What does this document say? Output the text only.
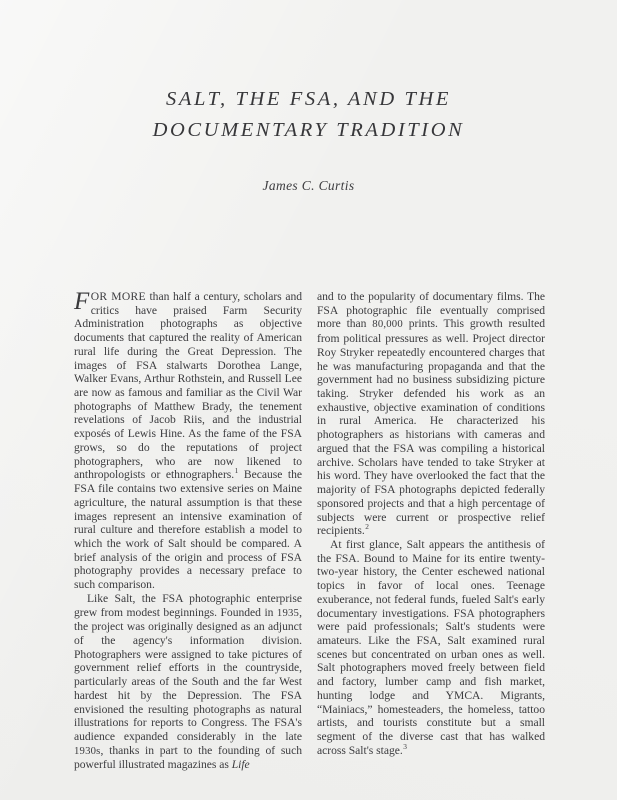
SALT, THE FSA, AND THE
DOCUMENTARY TRADITION
James C. Curtis

FOR MORE than half a century, scholars and critics have praised Farm Security Administration photographs as objective documents that captured the reality of American rural life during the Great Depression. The images of FSA stalwarts Dorothea Lange, Walker Evans, Arthur Rothstein, and Russell Lee are now as famous and familiar as the Civil War photographs of Matthew Brady, the tenement revelations of Jacob Riis, and the industrial exposés of Lewis Hine. As the fame of the FSA grows, so do the reputations of project photographers, who are now likened to anthropologists or ethnographers.$^1$ Because the FSA file contains two extensive series on Maine agriculture, the natural assumption is that these images represent an intensive examination of rural culture and therefore establish a model to which the work of Salt should be compared. A brief analysis of the origin and process of FSA photography provides a necessary preface to such comparison.

Like Salt, the FSA photographic enterprise grew from modest beginnings. Founded in 1935, the project was originally designed as an adjunct of the agency's information division. Photographers were assigned to take pictures of government relief efforts in the countryside, particularly areas of the South and the far West hardest hit by the Depression. The FSA envisioned the resulting photographs as natural illustrations for reports to Congress. The FSA's audience expanded considerably in the late 1930s, thanks in part to the founding of such powerful illustrated magazines as Life

and to the popularity of documentary films. The FSA photographic file eventually comprised more than 80,000 prints. This growth resulted from political pressures as well. Project director Roy Stryker repeatedly encountered charges that he was manufacturing propaganda and that the government had no business subsidizing picture taking. Stryker defended his work as an exhaustive, objective examination of conditions in rural America. He characterized his photographers as historians with cameras and argued that the FSA was compiling a historical archive. Scholars have tended to take Stryker at his word. They have overlooked the fact that the majority of FSA photographs depicted federally sponsored projects and that a high percentage of subjects were current or prospective relief recipients.$^2$

At first glance, Salt appears the antithesis of the FSA. Bound to Maine for its entire twenty-two-year history, the Center eschewed national topics in favor of local ones. Teenage exuberance, not federal funds, fueled Salt's early documentary investigations. FSA photographers were paid professionals; Salt's students were amateurs. Like the FSA, Salt examined rural scenes but concentrated on urban ones as well. Salt photographers moved freely between field and factory, lumber camp and fish market, hunting lodge and YMCA. Migrants, “Mainiacs,” homesteaders, the homeless, tattoo artists, and tourists constitute but a small segment of the diverse cast that has walked across Salt's stage.$^3$
